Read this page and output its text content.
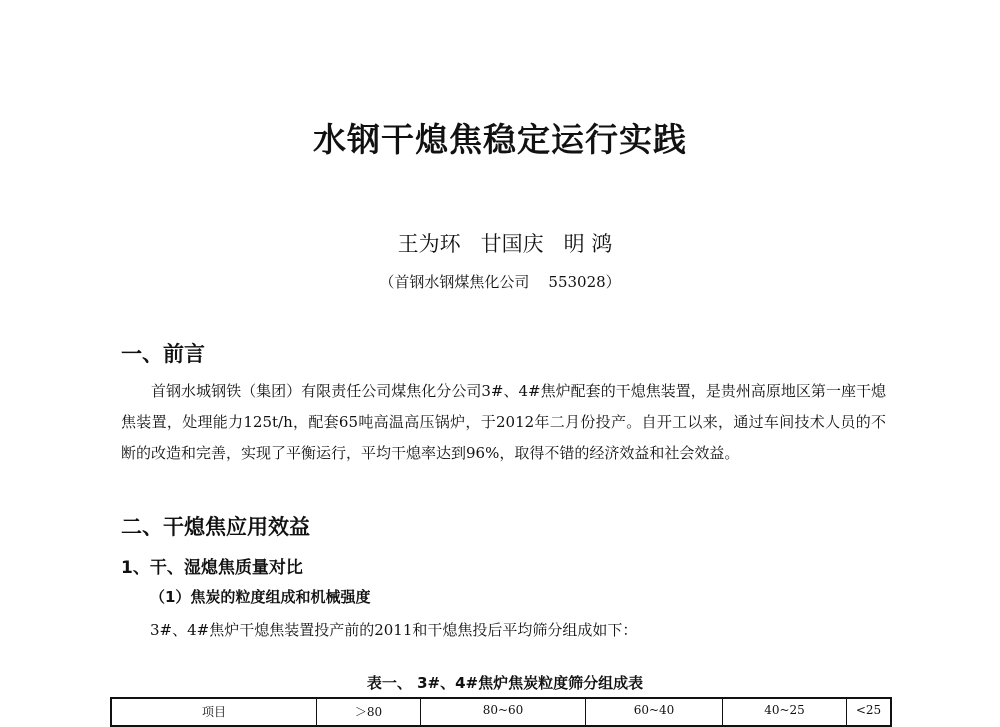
水钢干熄焦稳定运行实践
王为环   甘国庆   明 鸿
（首钢水钢煤焦化公司    553028）
一、前言
首钢水城钢铁（集团）有限责任公司煤焦化分公司3#、4#焦炉配套的干熄焦装置，是贵州高原地区第一座干熄焦装置，处理能力125t/h，配套65吨高温高压锅炉，于2012年二月份投产。自开工以来，通过车间技术人员的不断的改造和完善，实现了平衡运行，平均干熄率达到96%，取得不错的经济效益和社会效益。
二、干熄焦应用效益
1、干、湿熄焦质量对比
（1）焦炭的粒度组成和机械强度
3#、4#焦炉干熄焦装置投产前的2011和干熄焦投后平均筛分组成如下：
表一、 3#、4#焦炉焦炭粒度筛分组成表
项目	＞80	80~60	60~40	40~25	<25
